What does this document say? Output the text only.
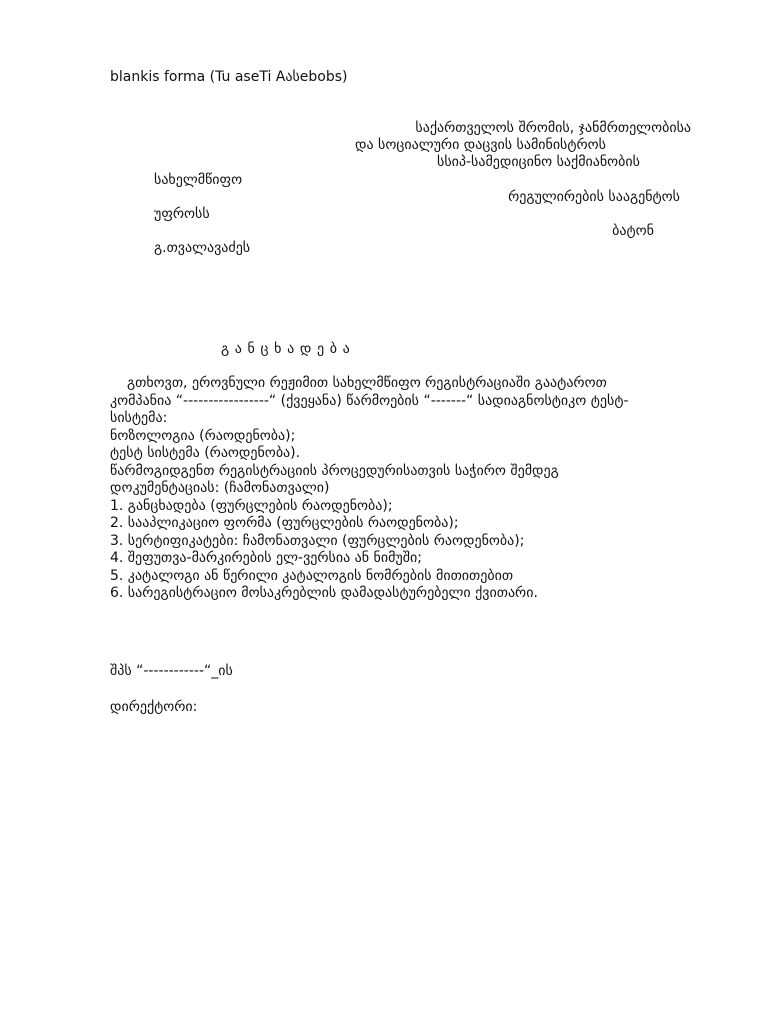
blankis forma (Tu aseTi Aასebobs)
საქართველოს შრომის, ჯანმრთელობისა
და სოციალური დაცვის სამინისტროს
სსიპ-სამედიცინო საქმიანობის
სახელმწიფო
რეგულირების სააგენტოს
უფროსს
ბატონ
გ.თვალავაძეს
გ ა ნ ც ხ ა დ ე ბ ა
გთხოვთ, ეროვნული რეჟიმით სახელმწიფო რეგისტრაციაში გაატაროთ
კომპანია “-----------------“ (ქვეყანა) წარმოების “-------“ სადიაგნოსტიკო ტესტ-
სისტემა:
ნოზოლოგია (რაოდენობა);
ტესტ სისტემა (რაოდენობა).
წარმოგიდგენთ რეგისტრაციის პროცედურისათვის საჭირო შემდეგ
დოკუმენტაციას: (ჩამონათვალი)
1. განცხადება (ფურცლების რაოდენობა);
2. სააპლიკაციო ფორმა (ფურცლების რაოდენობა);
3. სერტიფიკატები: ჩამონათვალი (ფურცლების რაოდენობა);
4. შეფუთვა-მარკირების ელ-ვერსია ან ნიმუში;
5. კატალოგი ან წერილი კატალოგის ნომრების მითითებით
6. სარეგისტრაციო მოსაკრებლის დამადასტურებელი ქვითარი.
შპს “------------“_ის
დირექტორი:
